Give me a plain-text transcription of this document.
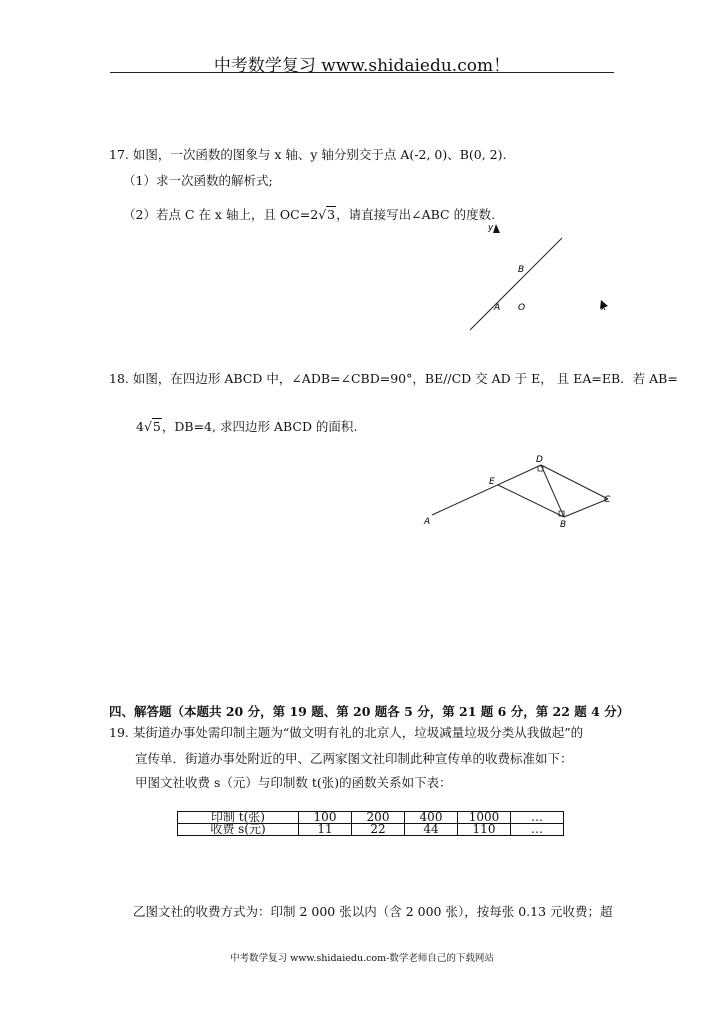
中考数学复习 www.shidaiedu.com！
17. 如图，一次函数的图象与 x 轴、y 轴分别交于点 A(-2, 0)、B(0, 2).
（1）求一次函数的解析式;
（2）若点 C 在 x 轴上，且 OC=2√3，请直接写出∠ABC 的度数.
y
B
A O	x
18. 如图，在四边形 ABCD 中，∠ADB=∠CBD=90°，BE//CD 交 AD 于 E， 且 EA=EB．若 AB=
4√5，DB=4, 求四边形 ABCD 的面积.
D
E
C
A	B
四、解答题（本题共 20 分，第 19 题、第 20 题各 5 分，第 21 题 6 分，第 22 题 4 分）
19. 某街道办事处需印制主题为“做文明有礼的北京人，垃圾减量垃圾分类从我做起”的
宣传单．街道办事处附近的甲、乙两家图文社印制此种宣传单的收费标准如下：
甲图文社收费 s（元）与印制数 t(张)的函数关系如下表：
印制 t(张)	100	200	400	1000	…
收费 s(元)	11	22	44	110	…
乙图文社的收费方式为：印制 2 000 张以内（含 2 000 张），按每张 0.13 元收费；超
中考数学复习 www.shidaiedu.com-数学老师自己的下载网站
